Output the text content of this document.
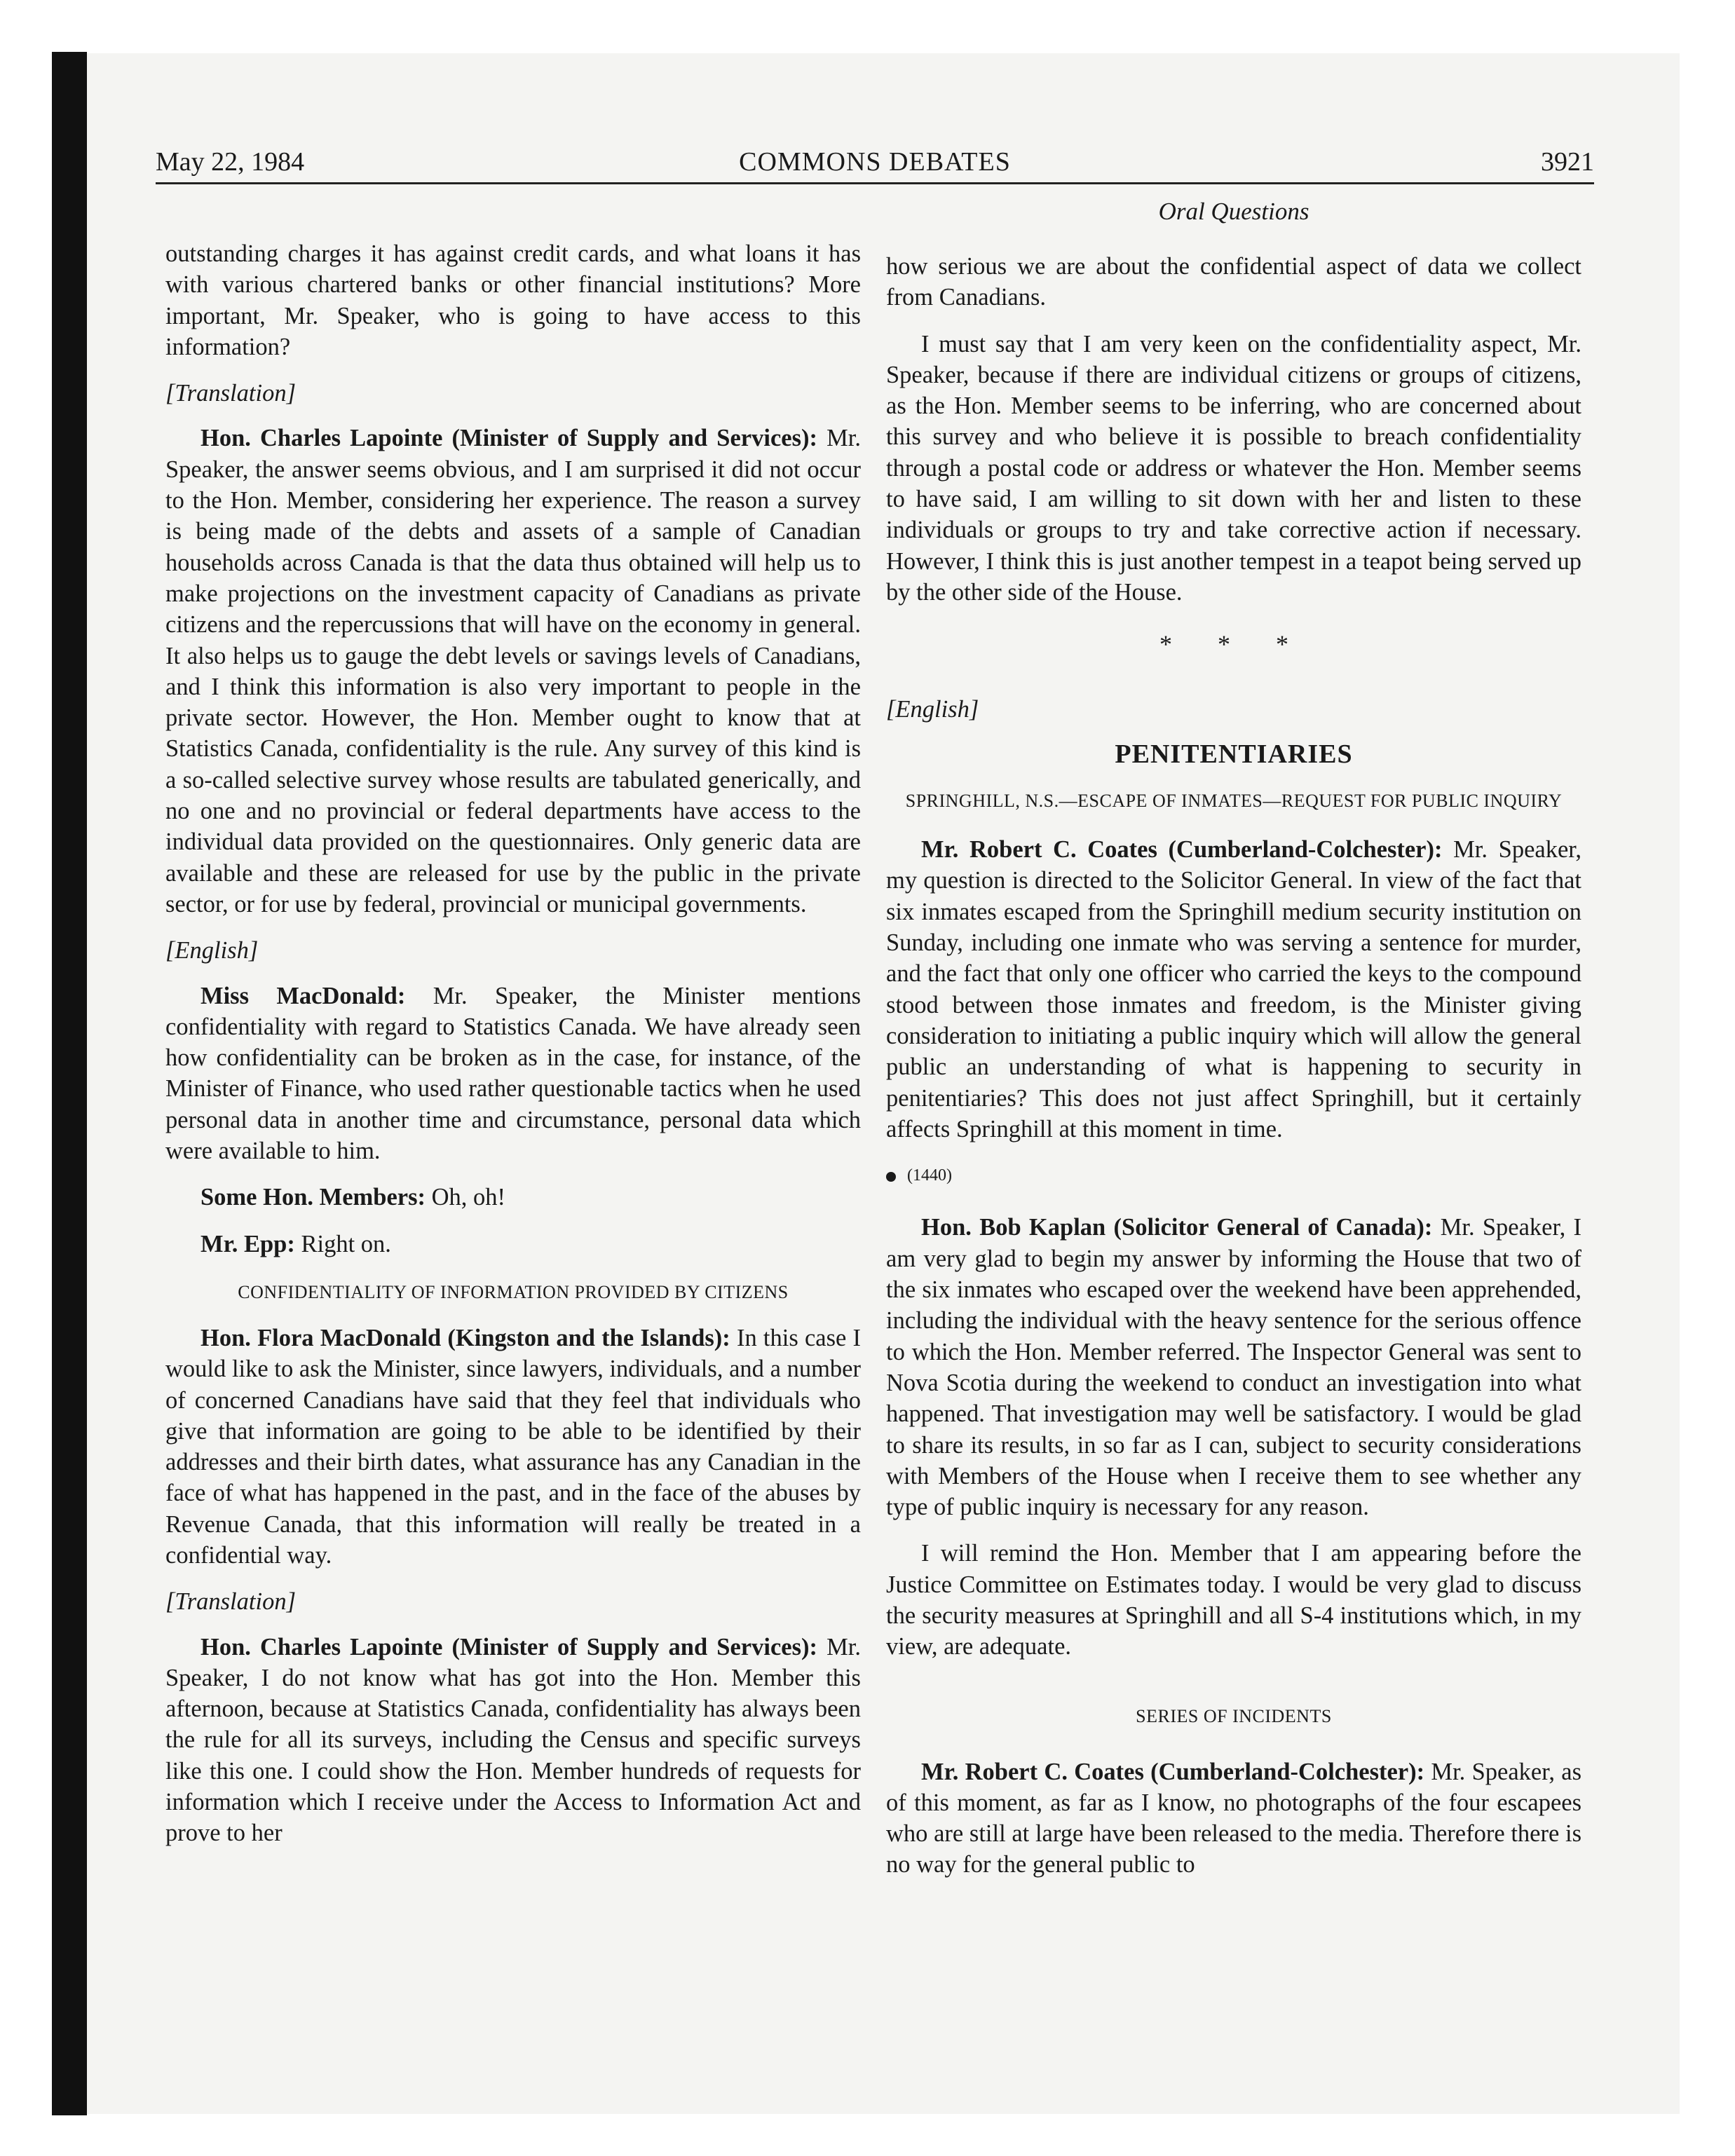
May 22, 1984	COMMONS DEBATES	3921
Oral Questions

outstanding charges it has against credit cards, and what loans it has with various chartered banks or other financial institutions? More important, Mr. Speaker, who is going to have access to this information?

[Translation]

Hon. Charles Lapointe (Minister of Supply and Services): Mr. Speaker, the answer seems obvious, and I am surprised it did not occur to the Hon. Member, considering her experience. The reason a survey is being made of the debts and assets of a sample of Canadian households across Canada is that the data thus obtained will help us to make projections on the investment capacity of Canadians as private citizens and the repercussions that will have on the economy in general. It also helps us to gauge the debt levels or savings levels of Canadians, and I think this information is also very important to people in the private sector. However, the Hon. Member ought to know that at Statistics Canada, confidentiality is the rule. Any survey of this kind is a so-called selective survey whose results are tabulated generically, and no one and no provincial or federal departments have access to the individual data provided on the questionnaires. Only generic data are available and these are released for use by the public in the private sector, or for use by federal, provincial or municipal governments.

[English]

Miss MacDonald: Mr. Speaker, the Minister mentions confidentiality with regard to Statistics Canada. We have already seen how confidentiality can be broken as in the case, for instance, of the Minister of Finance, who used rather questionable tactics when he used personal data in another time and circumstance, personal data which were available to him.

Some Hon. Members: Oh, oh!

Mr. Epp: Right on.

CONFIDENTIALITY OF INFORMATION PROVIDED BY CITIZENS

Hon. Flora MacDonald (Kingston and the Islands): In this case I would like to ask the Minister, since lawyers, individuals, and a number of concerned Canadians have said that they feel that individuals who give that information are going to be able to be identified by their addresses and their birth dates, what assurance has any Canadian in the face of what has happened in the past, and in the face of the abuses by Revenue Canada, that this information will really be treated in a confidential way.

[Translation]

Hon. Charles Lapointe (Minister of Supply and Services): Mr. Speaker, I do not know what has got into the Hon. Member this afternoon, because at Statistics Canada, confidentiality has always been the rule for all its surveys, including the Census and specific surveys like this one. I could show the Hon. Member hundreds of requests for information which I receive under the Access to Information Act and prove to her

how serious we are about the confidential aspect of data we collect from Canadians.

I must say that I am very keen on the confidentiality aspect, Mr. Speaker, because if there are individual citizens or groups of citizens, as the Hon. Member seems to be inferring, who are concerned about this survey and who believe it is possible to breach confidentiality through a postal code or address or whatever the Hon. Member seems to have said, I am willing to sit down with her and listen to these individuals or groups to try and take corrective action if necessary. However, I think this is just another tempest in a teapot being served up by the other side of the House.

* * *
[English]
PENITENTIARIES
SPRINGHILL, N.S.—ESCAPE OF INMATES—REQUEST FOR PUBLIC INQUIRY

Mr. Robert C. Coates (Cumberland-Colchester): Mr. Speaker, my question is directed to the Solicitor General. In view of the fact that six inmates escaped from the Springhill medium security institution on Sunday, including one inmate who was serving a sentence for murder, and the fact that only one officer who carried the keys to the compound stood between those inmates and freedom, is the Minister giving consideration to initiating a public inquiry which will allow the general public an understanding of what is happening to security in penitentiaries? This does not just affect Springhill, but it certainly affects Springhill at this moment in time.

(1440)

Hon. Bob Kaplan (Solicitor General of Canada): Mr. Speaker, I am very glad to begin my answer by informing the House that two of the six inmates who escaped over the weekend have been apprehended, including the individual with the heavy sentence for the serious offence to which the Hon. Member referred. The Inspector General was sent to Nova Scotia during the weekend to conduct an investigation into what happened. That investigation may well be satisfactory. I would be glad to share its results, in so far as I can, subject to security considerations with Members of the House when I receive them to see whether any type of public inquiry is necessary for any reason.

I will remind the Hon. Member that I am appearing before the Justice Committee on Estimates today. I would be very glad to discuss the security measures at Springhill and all S-4 institutions which, in my view, are adequate.

SERIES OF INCIDENTS

Mr. Robert C. Coates (Cumberland-Colchester): Mr. Speaker, as of this moment, as far as I know, no photographs of the four escapees who are still at large have been released to the media. Therefore there is no way for the general public to
